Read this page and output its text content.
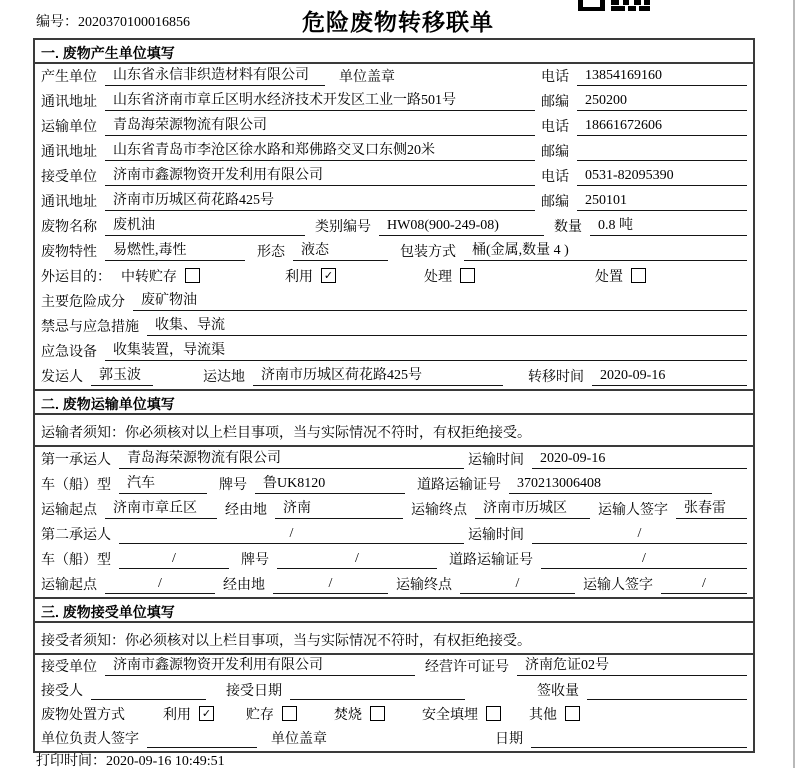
编号：2020370100016856	危险废物转移联单
一. 废物产生单位填写
产生单位	山东省永信非织造材料有限公司	单位盖章	电话	13854169160
通讯地址	山东省济南市章丘区明水经济技术开发区工业一路501号	邮编	250200
运输单位	青岛海荣源物流有限公司	电话	18661672606
通讯地址	山东省青岛市李沧区徐水路和郑佛路交叉口东侧20米	邮编
接受单位	济南市鑫源物资开发利用有限公司	电话	0531-82095390
通讯地址	济南市历城区荷花路425号	邮编	250101
废物名称	废机油	类别编号	HW08(900-249-08)	数量	0.8 吨
废物特性	易燃性,毒性	形态	液态	包装方式	桶(金属,数量 4 )
外运目的： 中转贮存	利用 ✓	处理	处置
主要危险成分	废矿物油
禁忌与应急措施	收集、导流
应急设备	收集装置，导流渠
发运人	郭玉波	运达地	济南市历城区荷花路425号	转移时间	2020-09-16
二. 废物运输单位填写
运输者须知：你必须核对以上栏目事项，当与实际情况不符时，有权拒绝接受。
第一承运人	青岛海荣源物流有限公司	运输时间	2020-09-16
车（船）型	汽车	牌号	鲁UK8120	道路运输证号	370213006408
运输起点	济南市章丘区	经由地	济南	运输终点	济南市历城区	运输人签字	张春雷
第二承运人	/	运输时间	/
车（船）型	/	牌号	/	道路运输证号	/
运输起点	/	经由地	/	运输终点	/	运输人签字	/
三. 废物接受单位填写
接受者须知：你必须核对以上栏目事项，当与实际情况不符时，有权拒绝接受。
接受单位	济南市鑫源物资开发利用有限公司	经营许可证号	济南危证02号
接受人	接受日期	签收量
废物处置方式	利用 ✓ 贮存	焚烧	安全填埋	其他
单位负责人签字	单位盖章	日期
打印时间：2020-09-16 10:49:51
